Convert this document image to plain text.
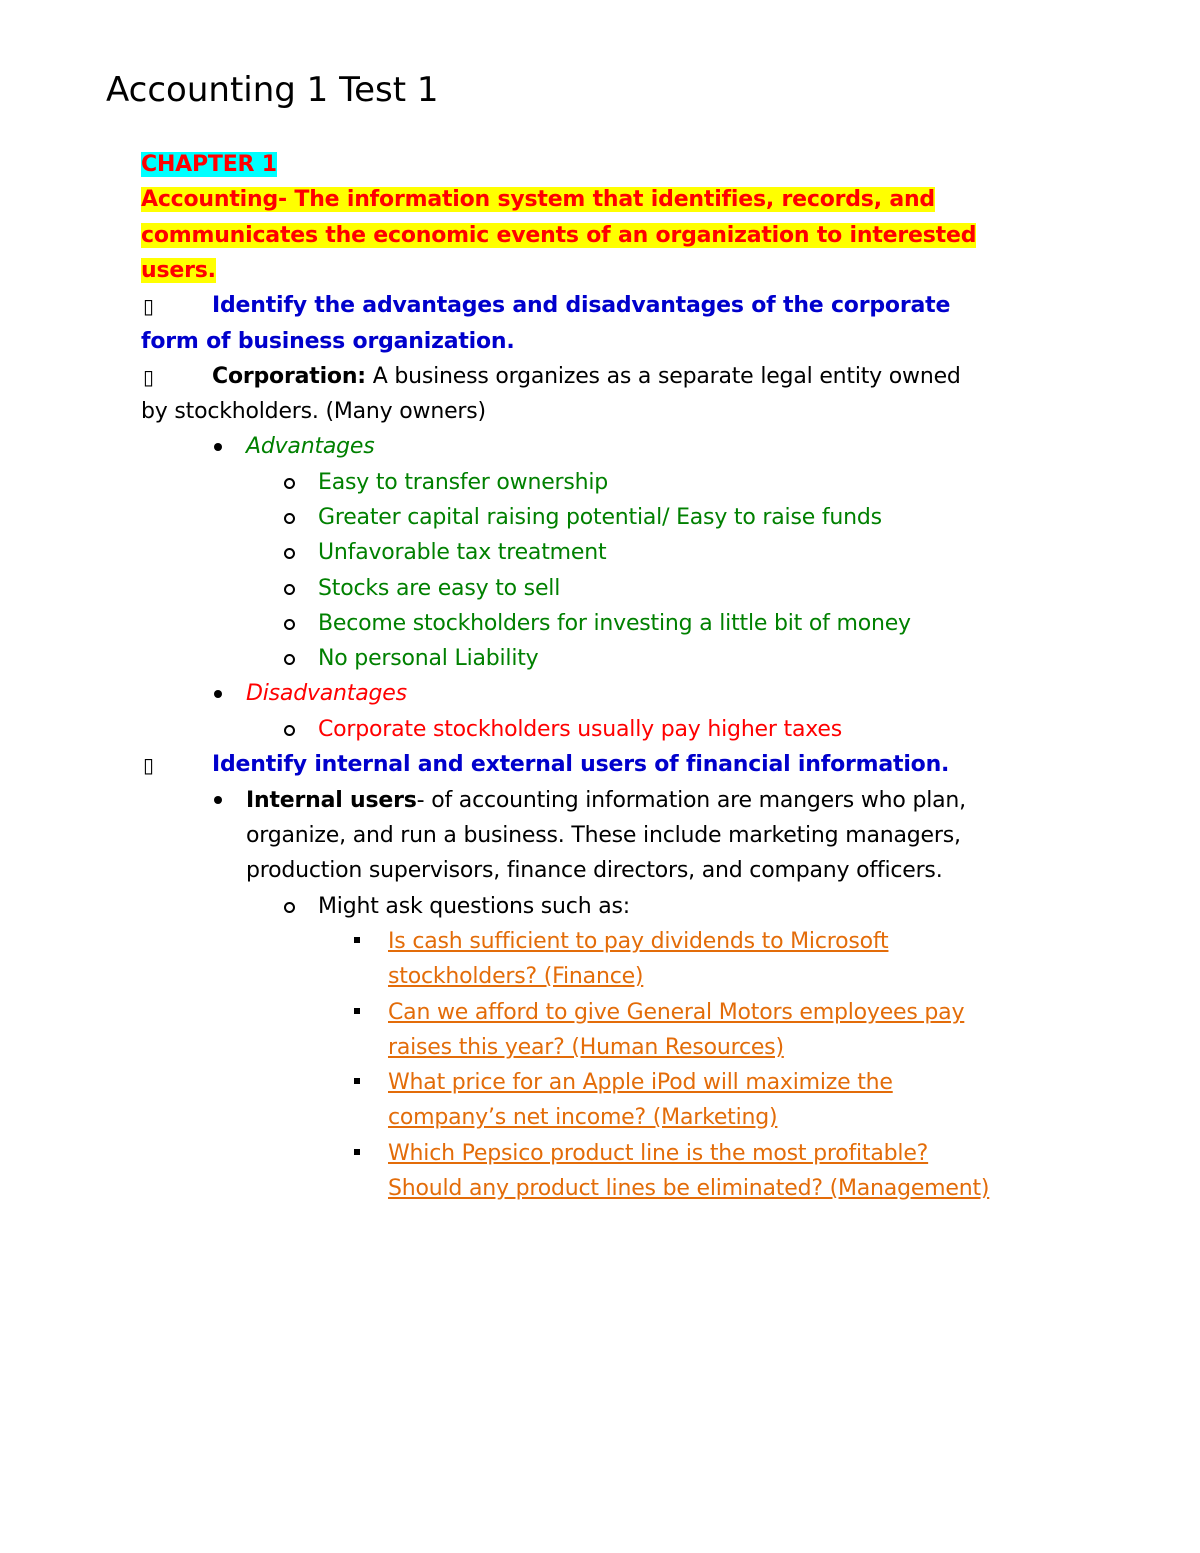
Accounting 1 Test 1
CHAPTER 1
Accounting- The information system that identifies, records, and
communicates the economic events of an organization to interested
users.
▯	Identify the advantages and disadvantages of the corporate
form of business organization.
▯	Corporation: A business organizes as a separate legal entity owned
by stockholders. (Many owners)
Advantages
Easy to transfer ownership
Greater capital raising potential/ Easy to raise funds
Unfavorable tax treatment
Stocks are easy to sell
Become stockholders for investing a little bit of money
No personal Liability
Disadvantages
Corporate stockholders usually pay higher taxes
▯	Identify internal and external users of financial information.
Internal users- of accounting information are mangers who plan,
organize, and run a business. These include marketing managers,
production supervisors, finance directors, and company officers.
Might ask questions such as:
Is cash sufficient to pay dividends to Microsoft
stockholders? (Finance)
Can we afford to give General Motors employees pay
raises this year? (Human Resources)
What price for an Apple iPod will maximize the
company’s net income? (Marketing)
Which Pepsico product line is the most profitable?
Should any product lines be eliminated? (Management)
